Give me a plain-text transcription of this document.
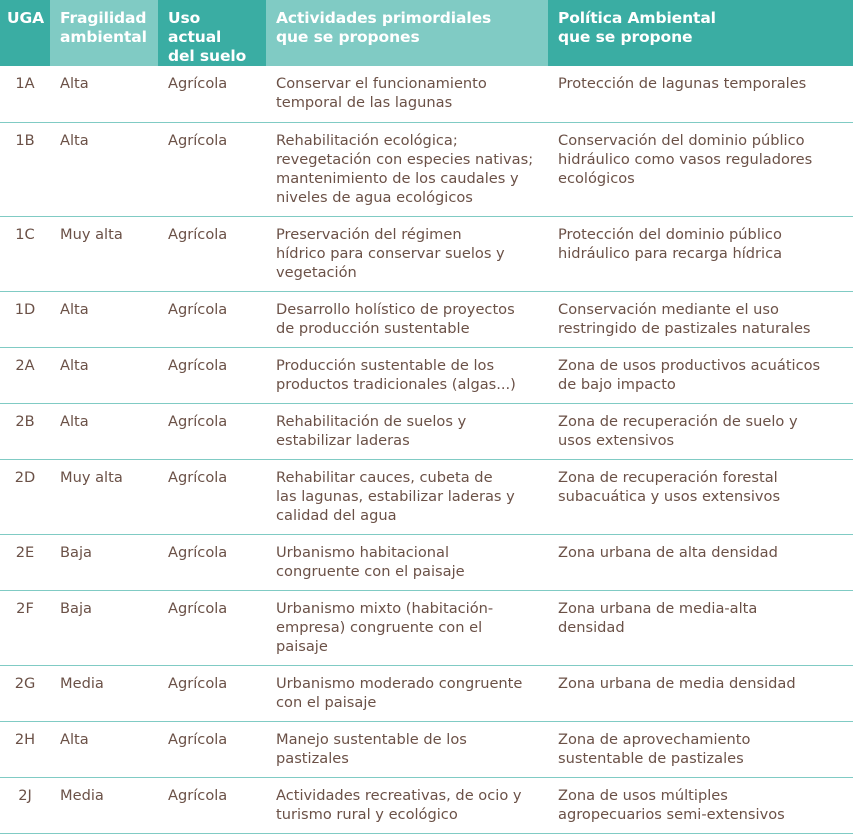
UGA	Fragilidad
ambiental	Uso actual
del suelo	Actividades primordiales
que se propones	Política Ambiental
que se propone
1A	Alta	Agrícola	Conservar el funcionamiento
temporal de las lagunas	Protección de lagunas temporales
1B	Alta	Agrícola	Rehabilitación ecológica;
revegetación con especies nativas;
mantenimiento de los caudales y
niveles de agua ecológicos	Conservación del dominio público
hidráulico como vasos reguladores
ecológicos
1C	Muy alta	Agrícola	Preservación del régimen
hídrico para conservar suelos y
vegetación	Protección del dominio público
hidráulico para recarga hídrica
1D	Alta	Agrícola	Desarrollo holístico de proyectos
de producción sustentable	Conservación mediante el uso
restringido de pastizales naturales
2A	Alta	Agrícola	Producción sustentable de los
productos tradicionales (algas...)	Zona de usos productivos acuáticos
de bajo impacto
2B	Alta	Agrícola	Rehabilitación de suelos y
estabilizar laderas	Zona de recuperación de suelo y
usos extensivos
2D	Muy alta	Agrícola	Rehabilitar cauces, cubeta de
las lagunas, estabilizar laderas y
calidad del agua	Zona de recuperación forestal
subacuática y usos extensivos
2E	Baja	Agrícola	Urbanismo habitacional
congruente con el paisaje	Zona urbana de alta densidad
2F	Baja	Agrícola	Urbanismo mixto (habitación-
empresa) congruente con el
paisaje	Zona urbana de media-alta
densidad
2G	Media	Agrícola	Urbanismo moderado congruente
con el paisaje	Zona urbana de media densidad
2H	Alta	Agrícola	Manejo sustentable de los
pastizales	Zona de aprovechamiento
sustentable de pastizales
2J	Media	Agrícola	Actividades recreativas, de ocio y
turismo rural y ecológico	Zona de usos múltiples
agropecuarios semi-extensivos
